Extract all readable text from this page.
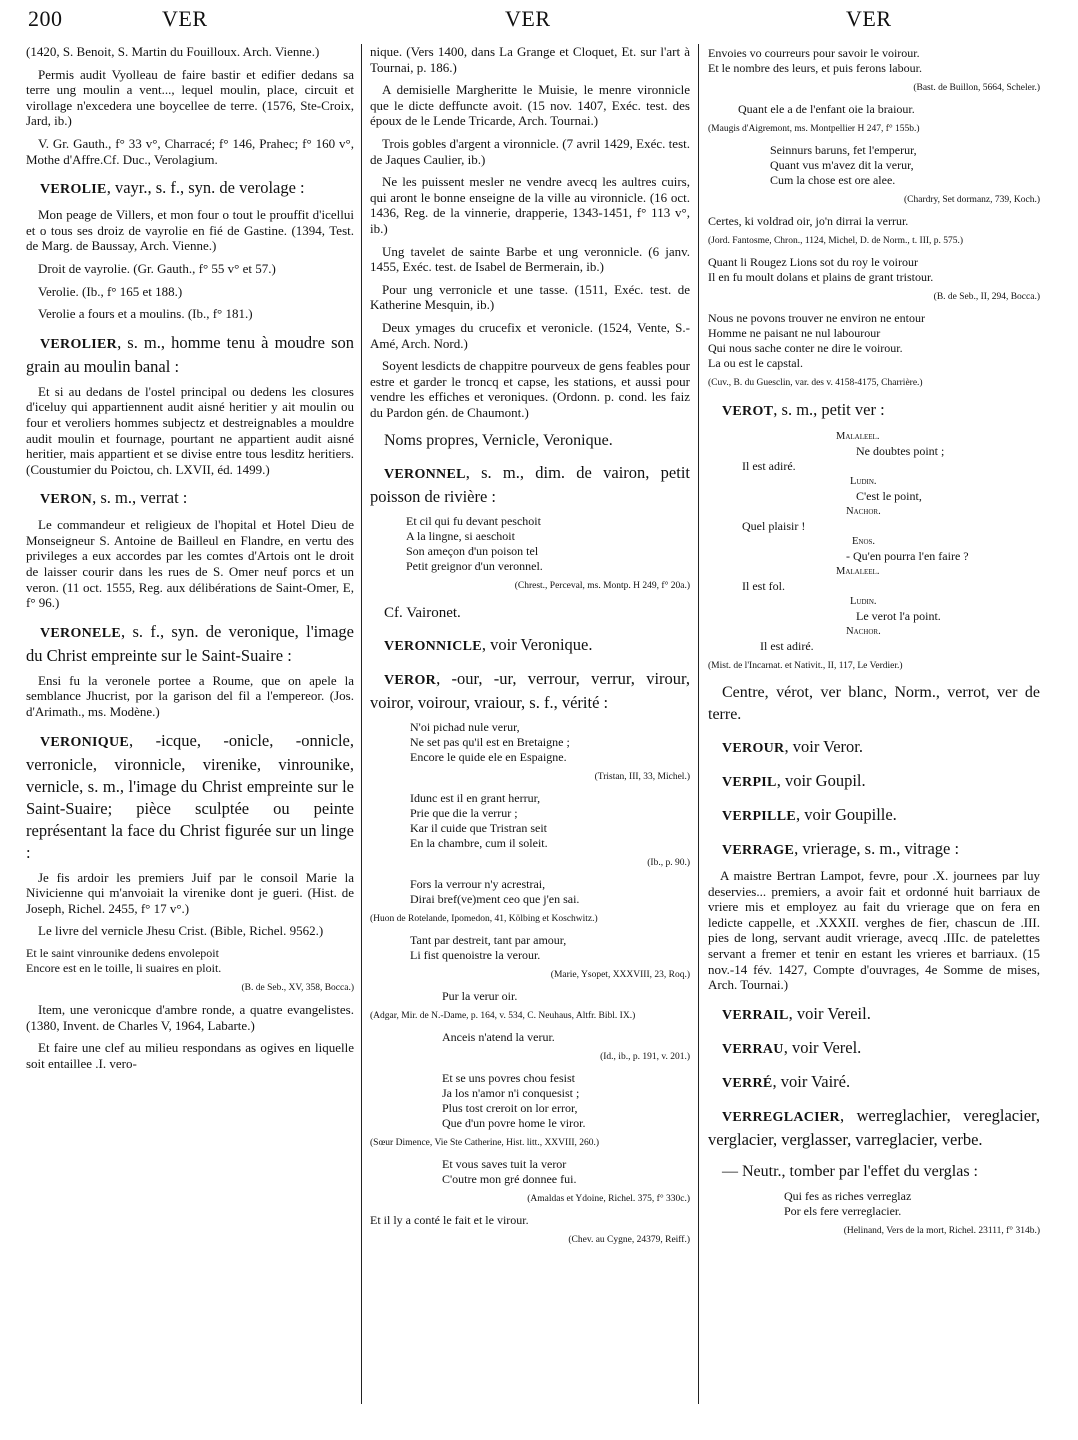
200	VER	VER	VER

(1420, S. Benoit, S. Martin du Fouilloux. Arch. Vienne.)

Permis audit Vyolleau de faire bastir et edifier dedans sa terre ung moulin a vent..., lequel moulin, place, circuit et virollage n'excedera une boycellee de terre. (1576, Ste-Croix, Jard, ib.)

V. Gr. Gauth., f° 33 v°, Charracé; f° 146, Prahec; f° 160 v°, Mothe d'Affre.Cf. Duc., Verolagium.

VEROLIE, vayr., s. f., syn. de verolage :

Mon peage de Villers, et mon four o tout le prouffit d'icellui et o tous ses droiz de vayrolie en fié de Gastine. (1394, Test. de Marg. de Baussay, Arch. Vienne.)

Droit de vayrolie. (Gr. Gauth., f° 55 v° et 57.)

Verolie. (Ib., f° 165 et 188.)

Verolie a fours et a moulins. (Ib., f° 181.)

VEROLIER, s. m., homme tenu à moudre son grain au moulin banal :

Et si au dedans de l'ostel principal ou dedens les closures d'iceluy qui appartiennent audit aisné heritier y ait moulin ou four et veroliers hommes subjectz et destreignables a mouldre audit moulin et fournage, pourtant ne appartient audit aisné heritier, mais appartient et se divise entre tous lesditz heritiers. (Coustumier du Poictou, ch. LXVII, éd. 1499.)

VERON, s. m., verrat :

Le commandeur et religieux de l'hopital et Hotel Dieu de Monseigneur S. Antoine de Bailleul en Flandre, en vertu des privileges a eux accordes par les comtes d'Artois ont le droit de laisser courir dans les rues de S. Omer neuf porcs et un veron. (11 oct. 1555, Reg. aux délibérations de Saint-Omer, E, f° 96.)

VERONELE, s. f., syn. de veronique, l'image du Christ empreinte sur le Saint-Suaire :

Ensi fu la veronele portee a Roume, que on apele la semblance Jhucrist, por la garison del fil a l'empereor. (Jos. d'Arimath., ms. Modène.)

VERONIQUE, -icque, -onicle, -onnicle, verronicle, vironnicle, virenike, vinrounike, vernicle, s. m., l'image du Christ empreinte sur le Saint-Suaire; pièce sculptée ou peinte représentant la face du Christ figurée sur un linge :

Je fis ardoir les premiers Juif par le consoil Marie la Nivicienne qui m'anvoiait la virenike dont je gueri. (Hist. de Joseph, Richel. 2455, f° 17 v°.)

Le livre del vernicle Jhesu Crist. (Bible, Richel. 9562.)

Et le saint vinrounike dedens envolepoit
Encore est en le toille, li suaires en ploit.
(B. de Seb., XV, 358, Bocca.)

Item, une veronicque d'ambre ronde, a quatre evangelistes. (1380, Invent. de Charles V, 1964, Labarte.)

Et faire une clef au milieu respondans as ogives en liquelle soit entaillee .I. vero-

nique. (Vers 1400, dans La Grange et Cloquet, Et. sur l'art à Tournai, p. 186.)

A demisielle Margheritte le Muisie, le menre vironnicle que le dicte deffuncte avoit. (15 nov. 1407, Exéc. test. des époux de le Lende Tricarde, Arch. Tournai.)

Trois gobles d'argent a vironnicle. (7 avril 1429, Exéc. test. de Jaques Caulier, ib.)

Ne les puissent mesler ne vendre avecq les aultres cuirs, qui aront le bonne enseigne de la ville au vironnicle. (16 oct. 1436, Reg. de la vinnerie, drapperie, 1343-1451, f° 113 v°, ib.)

Ung tavelet de sainte Barbe et ung veronnicle. (6 janv. 1455, Exéc. test. de Isabel de Bermerain, ib.)

Pour ung verronicle et une tasse. (1511, Exéc. test. de Katherine Mesquin, ib.)

Deux ymages du crucefix et veronicle. (1524, Vente, S.-Amé, Arch. Nord.)

Soyent lesdicts de chappitre pourveux de gens feables pour estre et garder le troncq et capse, les stations, et aussi pour vendre les effiches et veroniques. (Ordonn. p. cond. les faiz du Pardon gén. de Chaumont.)

Noms propres, Vernicle, Veronique.
VERONNEL, s. m., dim. de vairon, petit poisson de rivière :
Et cil qui fu devant peschoit
A la lingne, si aeschoit
Son ameçon d'un poison tel
Petit greignor d'un veronnel.
(Chrest., Perceval, ms. Montp. H 249, f° 20a.)
Cf. Vaironet.
VERONNICLE, voir Veronique.
VEROR, -our, -ur, verrour, verrur, virour, voiror, voirour, vraiour, s. f., vérité :
N'oi pichad nule verur,
Ne set pas qu'il est en Bretaigne ;
Encore le quide ele en Espaigne.
(Tristan, III, 33, Michel.)
Idunc est il en grant herrur,
Prie que die la verrur ;
Kar il cuide que Tristran seit
En la chambre, cum il soleit.
(Ib., p. 90.)
Fors la verrour n'y acrestrai,
Dirai bref(ve)ment ceo que j'en sai.
(Huon de Rotelande, Ipomedon, 41, Kölbing et Koschwitz.)
Tant par destreit, tant par amour,
Li fist quenoistre la verour.
(Marie, Ysopet, XXXVIII, 23, Roq.)
Pur la verur oir.
(Adgar, Mir. de N.-Dame, p. 164, v. 534, C. Neuhaus, Altfr. Bibl. IX.)
Anceis n'atend la verur.
(Id., ib., p. 191, v. 201.)
Et se uns povres chou fesist
Ja los n'amor n'i conquesist ;
Plus tost creroit on lor error,
Que d'un povre home le viror.
(Sœur Dimence, Vie Ste Catherine, Hist. litt., XXVIII, 260.)
Et vous saves tuit la veror
C'outre mon gré donnee fui.
(Amaldas et Ydoine, Richel. 375, f° 330c.)
Et il ly a conté le fait et le virour.
(Chev. au Cygne, 24379, Reiff.)
Envoies vo courreurs pour savoir le voirour.
Et le nombre des leurs, et puis ferons labour.
(Bast. de Buillon, 5664, Scheler.)
Quant ele a de l'enfant oie la braiour.
(Maugis d'Aigremont, ms. Montpellier H 247, f° 155b.)
Seinnurs baruns, fet l'emperur,
Quant vus m'avez dit la verur,
Cum la chose est ore alee.
(Chardry, Set dormanz, 739, Koch.)
Certes, ki voldrad oir, jo'n dirrai la verrur.
(Jord. Fantosme, Chron., 1124, Michel, D. de Norm., t. III, p. 575.)
Quant li Rougez Lions sot du roy le voirour
Il en fu moult dolans et plains de grant tristour.
(B. de Seb., II, 294, Bocca.)
Nous ne povons trouver ne environ ne entour
Homme ne paisant ne nul labourour
Qui nous sache conter ne dire le voirour.
La ou est le capstal.
(Cuv., B. du Guesclin, var. des v. 4158-4175, Charrière.)
VEROT, s. m., petit ver :
Malaleel.
Ne doubtes point ;
Il est adiré.
Ludin.
C'est le point,
Nachor.
Quel plaisir !
Enos.
- Qu'en pourra l'en faire ?
Malaleel.
Il est fol.
Ludin.
Le verot l'a point.
Nachor.
Il est adiré.
(Mist. de l'Incarnat. et Nativit., II, 117, Le Verdier.)
Centre, vérot, ver blanc, Norm., verrot, ver de terre.
VEROUR, voir Veror.
VERPIL, voir Goupil.
VERPILLE, voir Goupille.
VERRAGE, vrierage, s. m., vitrage :

A maistre Bertran Lampot, fevre, pour .X. journees par luy deservies... premiers, a avoir fait et ordonné huit barriaux de vriere mis et employez au fait du vrierage que on fera en ledicte cappelle, et .XXXII. verghes de fier, chascun de .III. pies de long, servant audit vrierage, avecq .IIIc. de patelettes servant a fremer et tenir en estant les vrieres et barriaux. (15 nov.-14 fév. 1427, Compte d'ouvrages, 4e Somme de mises, Arch. Tournai.)

VERRAIL, voir Vereil.
VERRAU, voir Verel.
VERRÉ, voir Vairé.
VERREGLACIER, werreglachier, vereglacier, verglacier, verglasser, varreglacier, verbe.
— Neutr., tomber par l'effet du verglas :
Qui fes as riches verreglaz
Por els fere verreglacier.
(Helinand, Vers de la mort, Richel. 23111, f° 314b.)
